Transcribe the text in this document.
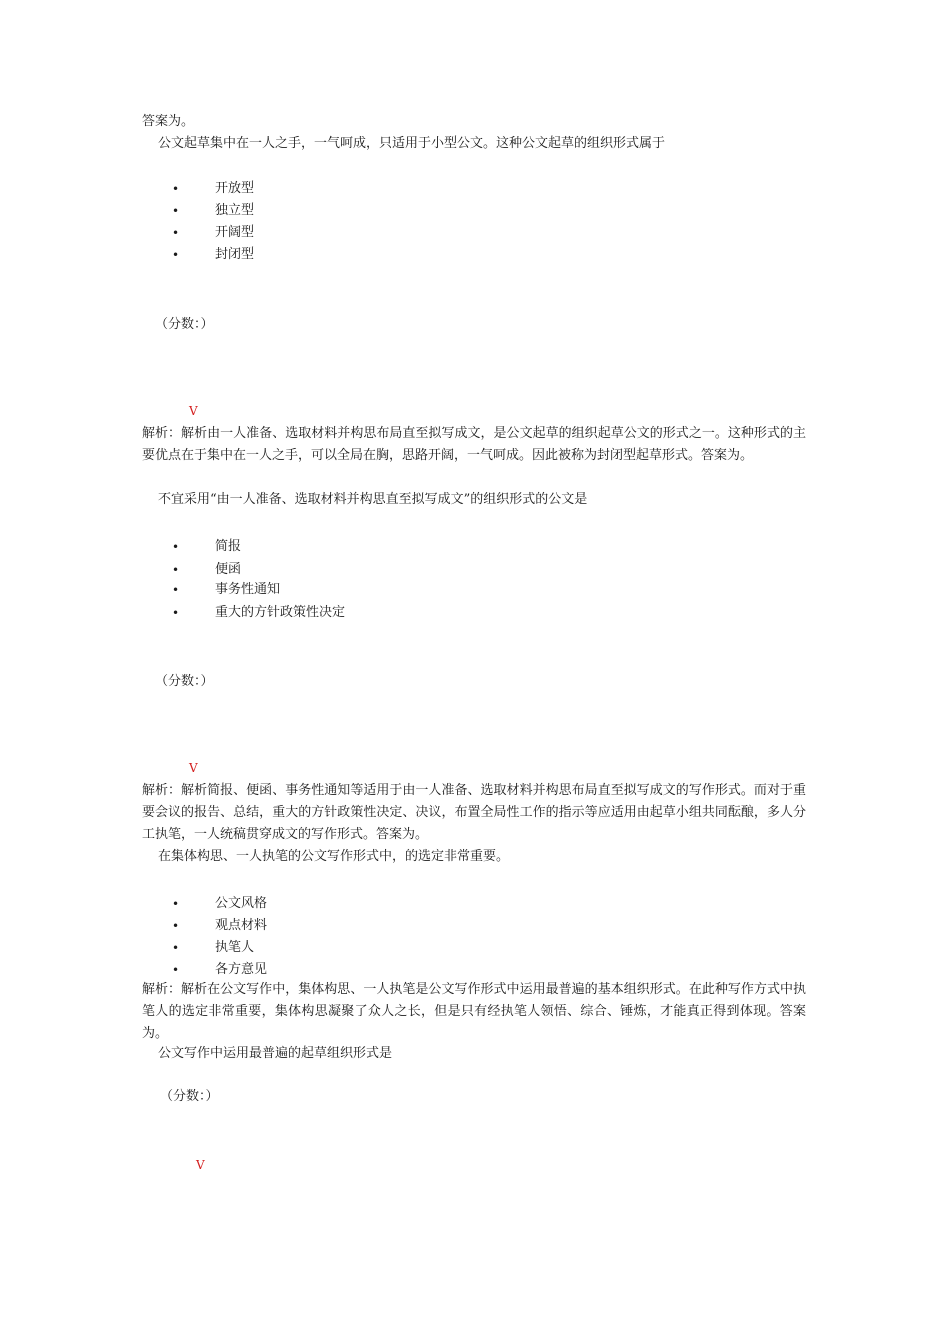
答案为。
公文起草集中在一人之手，一气呵成，只适用于小型公文。这种公文起草的组织形式属于
•	开放型
•	独立型
•	开阔型
•	封闭型
（分数：）
V
解析：解析由一人准备、选取材料并构思布局直至拟写成文，是公文起草的组织起草公文的形式之一。这种形式的主要优点在于集中在一人之手，可以全局在胸，思路开阔，一气呵成。因此被称为封闭型起草形式。答案为。
不宜采用“由一人准备、选取材料并构思直至拟写成文”的组织形式的公文是
•	简报
•	便函
•	事务性通知
•	重大的方针政策性决定
（分数：）
V
解析：解析简报、便函、事务性通知等适用于由一人准备、选取材料并构思布局直至拟写成文的写作形式。而对于重要会议的报告、总结，重大的方针政策性决定、决议，布置全局性工作的指示等应适用由起草小组共同酝酿，多人分工执笔，一人统稿贯穿成文的写作形式。答案为。
在集体构思、一人执笔的公文写作形式中，的选定非常重要。
•	公文风格
•	观点材料
•	执笔人
•	各方意见
解析：解析在公文写作中，集体构思、一人执笔是公文写作形式中运用最普遍的基本组织形式。在此种写作方式中执笔人的选定非常重要，集体构思凝聚了众人之长，但是只有经执笔人领悟、综合、锤炼，才能真正得到体现。答案为。
公文写作中运用最普遍的起草组织形式是
（分数：）
V
